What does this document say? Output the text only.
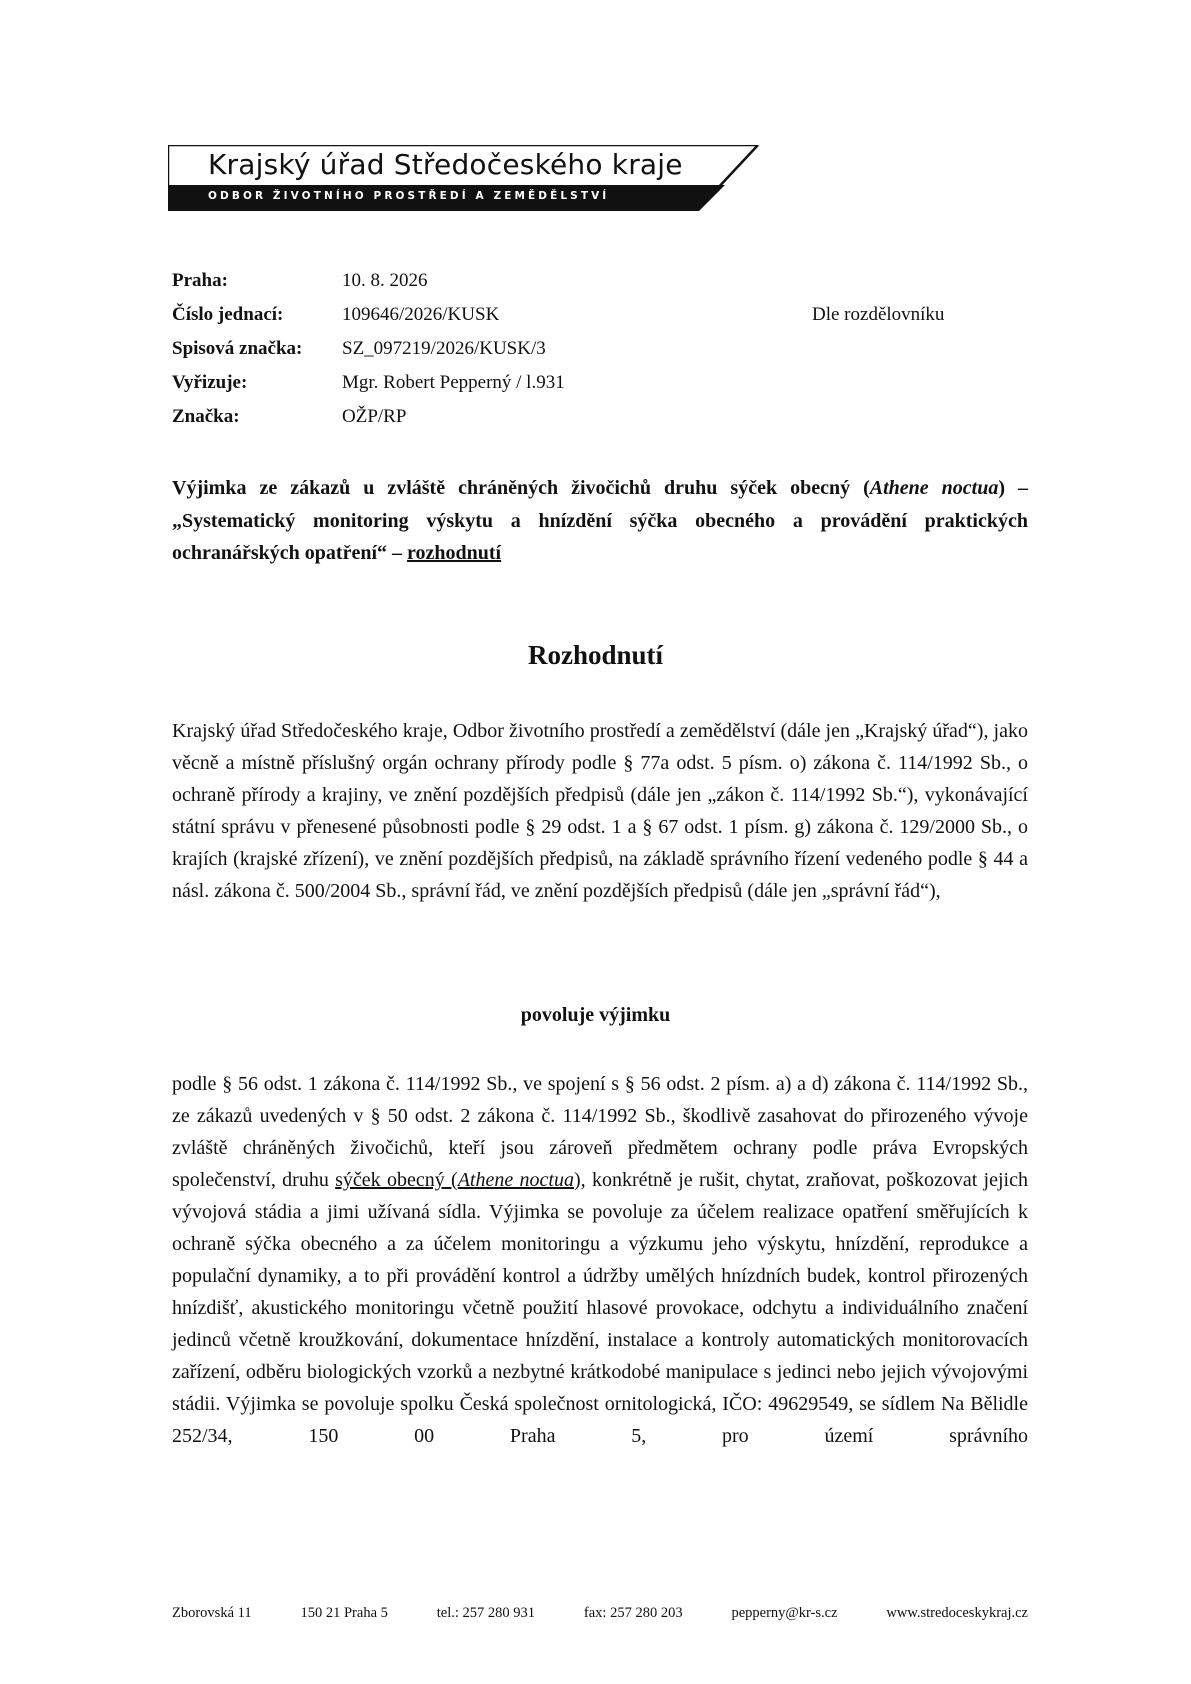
Krajský úřad Středočeského kraje
ODBOR ŽIVOTNÍHO PROSTŘEDÍ A ZEMĚDĚLSTVÍ
Praha:	10. 8. 2026
Číslo jednací:	109646/2026/KUSK	Dle rozdělovníku
Spisová značka:	SZ_097219/2026/KUSK/3
Vyřizuje:	Mgr. Robert Pepperný / l.931
Značka:	OŽP/RP
Výjimka ze zákazů u zvláště chráněných živočichů druhu sýček obecný (Athene noctua) – „Systematický monitoring výskytu a hnízdění sýčka obecného a provádění praktických ochranářských opatření“ – rozhodnutí
Rozhodnutí
Krajský úřad Středočeského kraje, Odbor životního prostředí a zemědělství (dále jen „Krajský úřad“), jako věcně a místně příslušný orgán ochrany přírody podle § 77a odst. 5 písm. o) zákona č. 114/1992 Sb., o ochraně přírody a krajiny, ve znění pozdějších předpisů (dále jen „zákon č. 114/1992 Sb.“), vykonávající státní správu v přenesené působnosti podle § 29 odst. 1 a § 67 odst. 1 písm. g) zákona č. 129/2000 Sb., o krajích (krajské zřízení), ve znění pozdějších předpisů, na základě správního řízení vedeného podle § 44 a násl. zákona č. 500/2004 Sb., správní řád, ve znění pozdějších předpisů (dále jen „správní řád“),
povoluje výjimku
podle § 56 odst. 1 zákona č. 114/1992 Sb., ve spojení s § 56 odst. 2 písm. a) a d) zákona č. 114/1992 Sb., ze zákazů uvedených v § 50 odst. 2 zákona č. 114/1992 Sb., škodlivě zasahovat do přirozeného vývoje zvláště chráněných živočichů, kteří jsou zároveň předmětem ochrany podle práva Evropských společenství, druhu sýček obecný (Athene noctua), konkrétně je rušit, chytat, zraňovat, poškozovat jejich vývojová stádia a jimi užívaná sídla. Výjimka se povoluje za účelem realizace opatření směřujících k ochraně sýčka obecného a za účelem monitoringu a výzkumu jeho výskytu, hnízdění, reprodukce a populační dynamiky, a to při provádění kontrol a údržby umělých hnízdních budek, kontrol přirozených hnízdišť, akustického monitoringu včetně použití hlasové provokace, odchytu a individuálního značení jedinců včetně kroužkování, dokumentace hnízdění, instalace a kontroly automatických monitorovacích zařízení, odběru biologických vzorků a nezbytné krátkodobé manipulace s jedinci nebo jejich vývojovými stádii. Výjimka se povoluje spolku Česká společnost ornitologická, IČO: 49629549, se sídlem Na Bělidle 252/34, 150 00 Praha 5, pro území správního
Zborovská 11	150 21 Praha 5	tel.: 257 280 931	fax: 257 280 203	pepperny@kr-s.cz	www.stredoceskykraj.cz
